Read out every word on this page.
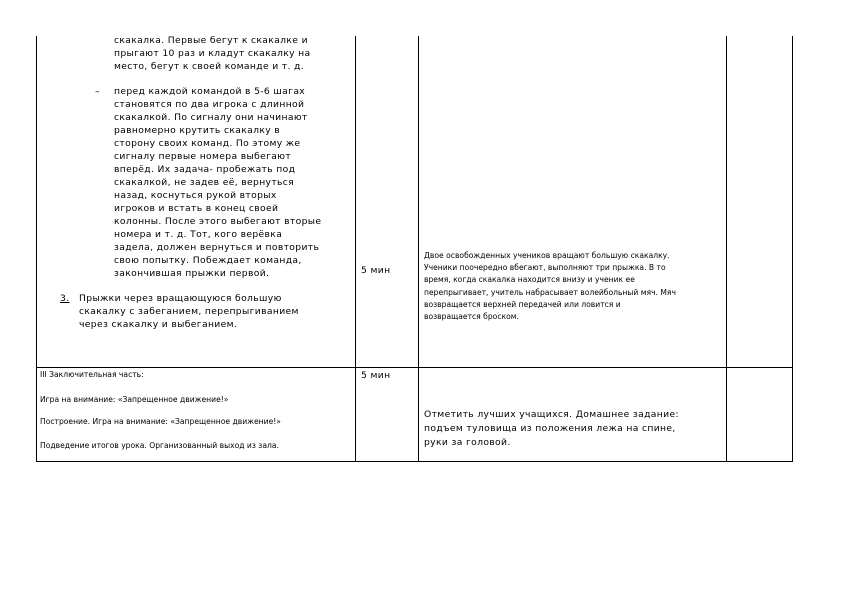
скакалка. Первые бегут к скакалке и
прыгают 10 раз и кладут скакалку на
место, бегут к своей команде и т. д.
– перед каждой командой в 5-6 шагах
становятся по два игрока с длинной
скакалкой. По сигналу они начинают
равномерно крутить скакалку в
сторону своих команд. По этому же
сигналу первые номера выбегают
вперёд. Их задача- пробежать под
скакалкой, не задев её, вернуться
назад, коснуться рукой вторых
игроков и встать в конец своей
колонны. После этого выбегают вторые
номера и т. д. Тот, кого верёвка
задела, должен вернуться и повторить
свою попытку. Побеждает команда,
закончившая прыжки первой.
3. Прыжки через вращающуюся большую
скакалку с забеганием, перепрыгиванием
через скакалку и выбеганием.
5 мин
Двое освобожденных учеников вращают большую скакалку.
Ученики поочередно вбегают, выполняют три прыжка. В то
время, когда скакалка находится внизу и ученик ее
перепрыгивает, учитель набрасывает волейбольный мяч. Мяч
возвращается верхней передачей или ловится и
возвращается броском.
III Заключительная часть:
Игра на внимание: «Запрещенное движение!»
Построение. Игра на внимание: «Запрещенное движение!»
Подведение итогов урока. Организованный выход из зала.
5 мин
Отметить лучших учащихся. Домашнее задание:
подъем туловища из положения лежа на спине,
руки за головой.
